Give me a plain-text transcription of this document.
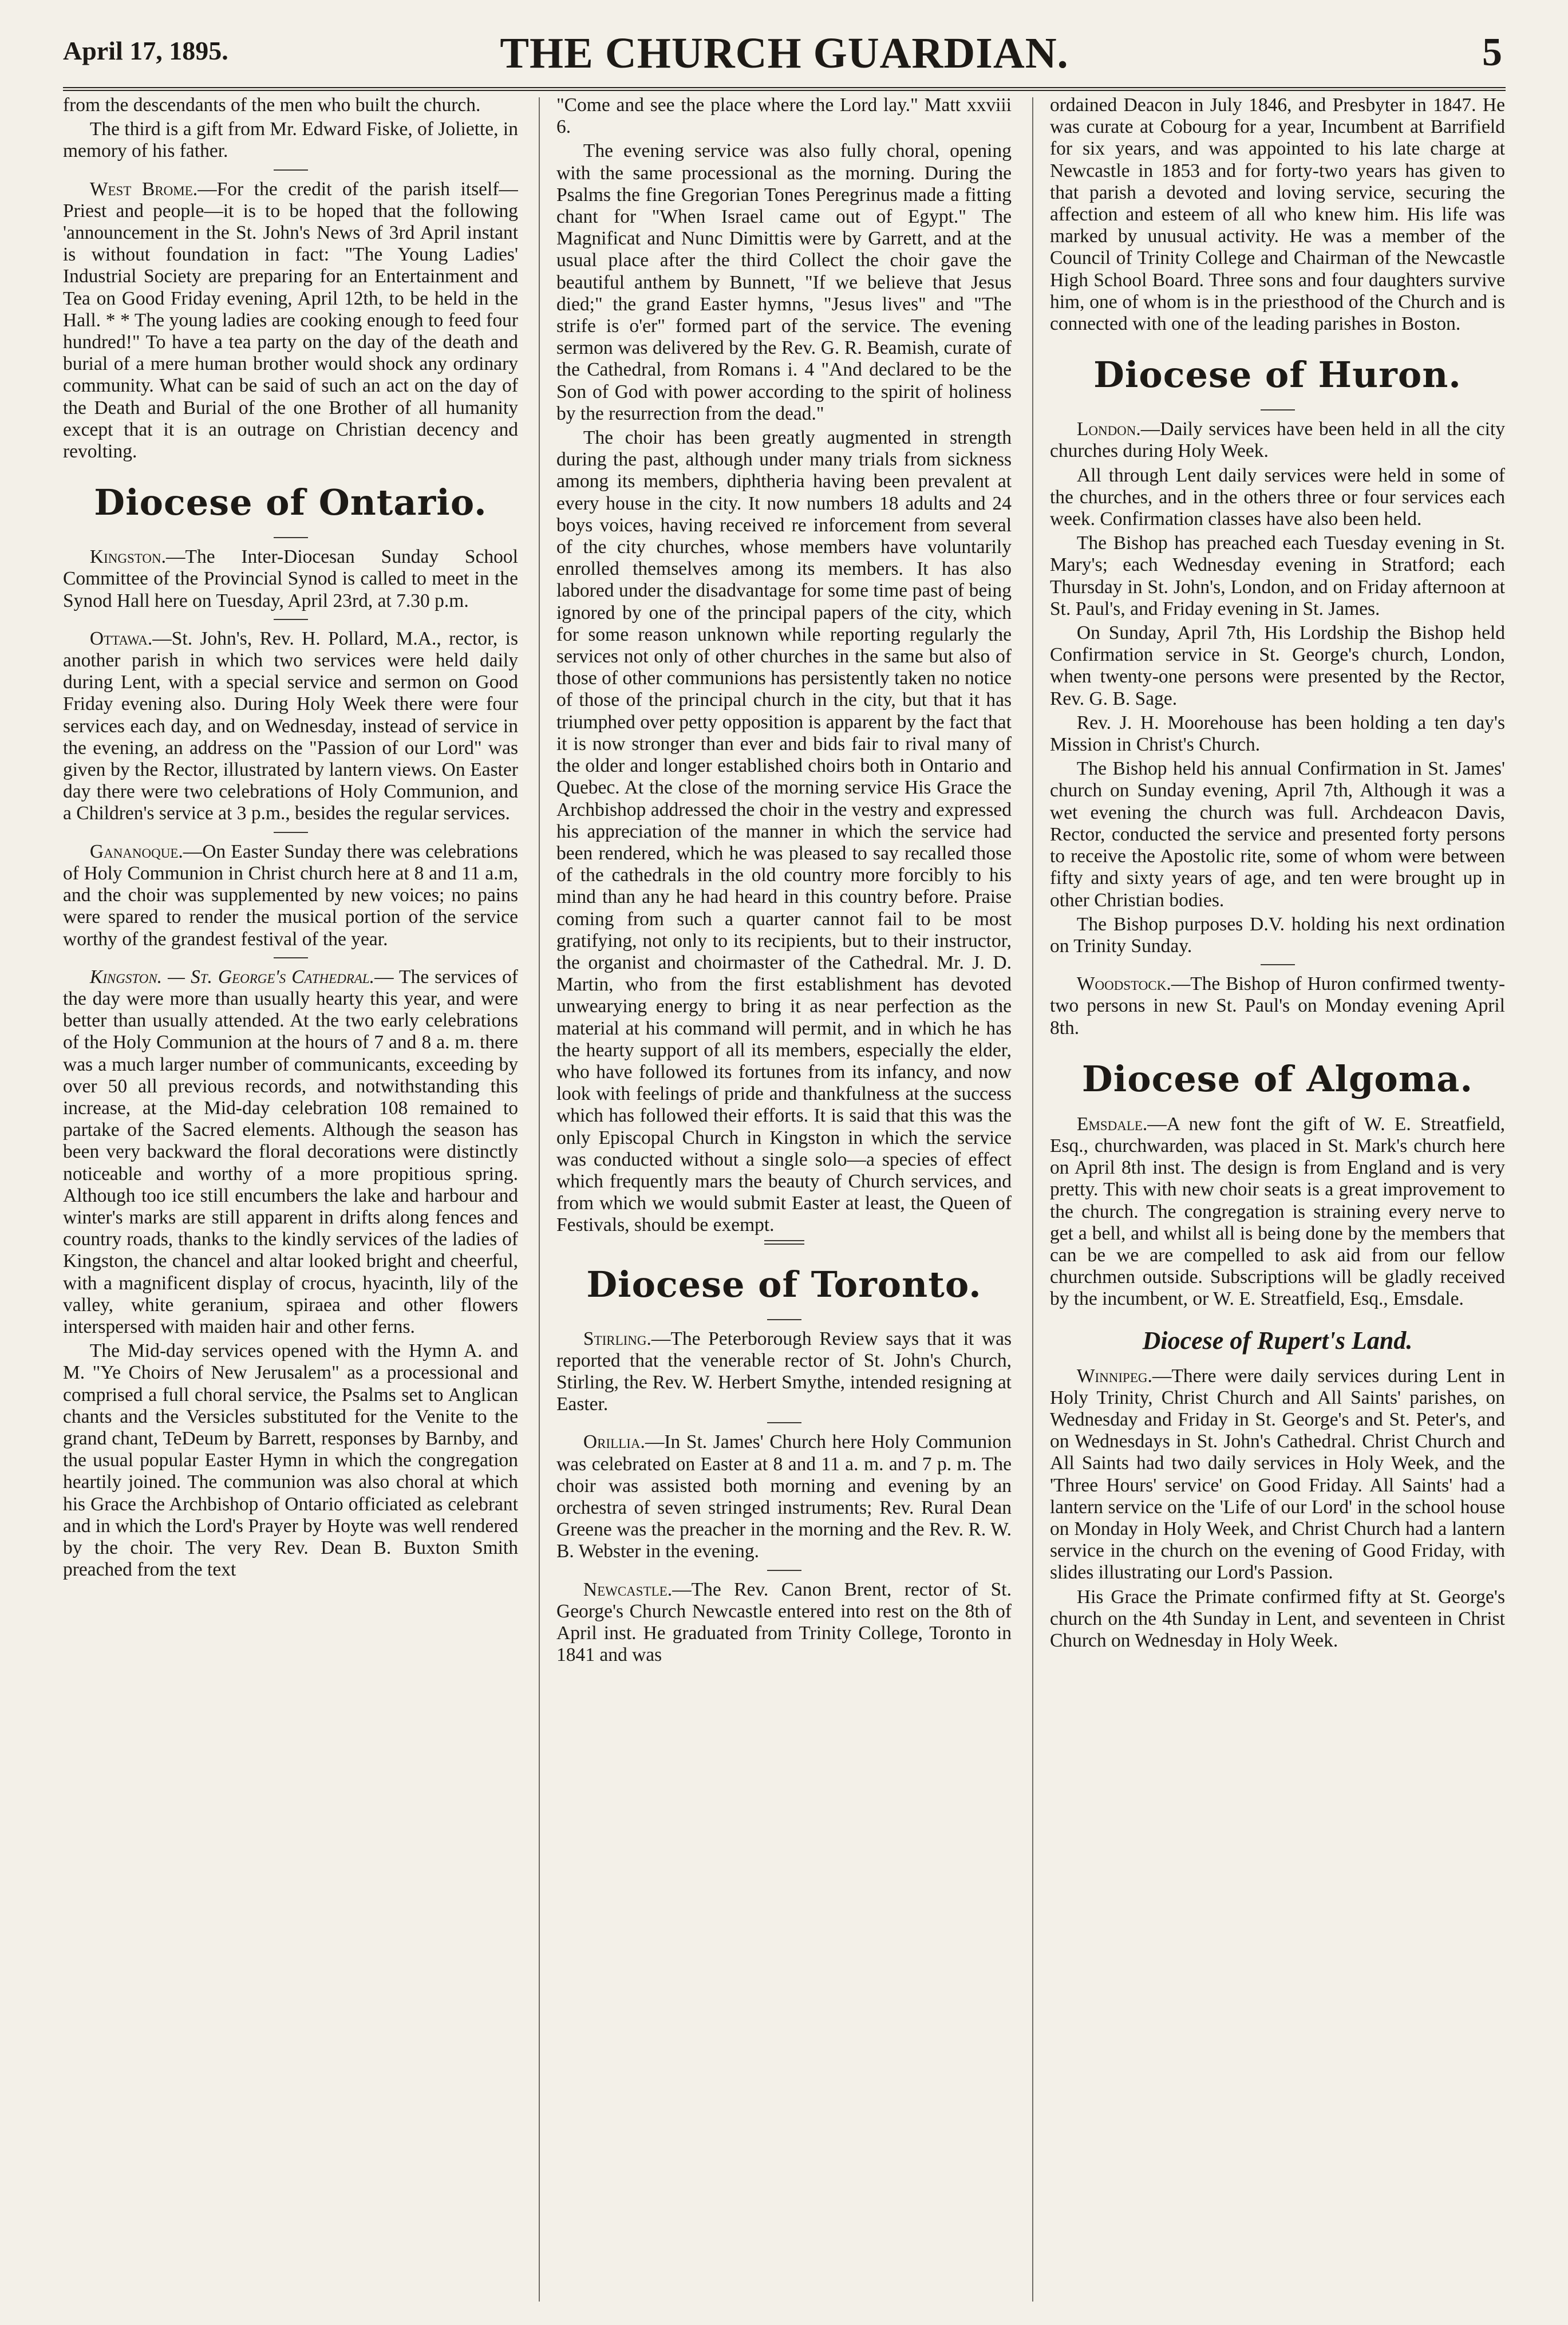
April 17, 1895.	THE CHURCH GUARDIAN.	5

from the descendants of the men who built the church.

The third is a gift from Mr. Edward Fiske, of Joliette, in memory of his father.

West Brome.—For the credit of the parish itself—Priest and people—it is to be hoped that the following 'announcement in the St. John's News of 3rd April instant is without foundation in fact: "The Young Ladies' Industrial Society are preparing for an Entertainment and Tea on Good Friday evening, April 12th, to be held in the Hall. * * The young ladies are cooking enough to feed four hundred!" To have a tea party on the day of the death and burial of a mere human brother would shock any ordinary community. What can be said of such an act on the day of the Death and Burial of the one Brother of all humanity except that it is an outrage on Christian decency and revolting.

Diocese of Ontario.

Kingston.—The Inter-Diocesan Sunday School Committee of the Provincial Synod is called to meet in the Synod Hall here on Tuesday, April 23rd, at 7.30 p.m.

Ottawa.—St. John's, Rev. H. Pollard, M.A., rector, is another parish in which two services were held daily during Lent, with a special service and sermon on Good Friday evening also. During Holy Week there were four services each day, and on Wednesday, instead of service in the evening, an address on the "Passion of our Lord" was given by the Rector, illustrated by lantern views. On Easter day there were two celebrations of Holy Communion, and a Children's service at 3 p.m., besides the regular services.

Gananoque.—On Easter Sunday there was celebrations of Holy Communion in Christ church here at 8 and 11 a.m, and the choir was supplemented by new voices; no pains were spared to render the musical portion of the service worthy of the grandest festival of the year.

Kingston. — St. George's Cathedral.— The services of the day were more than usually hearty this year, and were better than usually attended. At the two early celebrations of the Holy Communion at the hours of 7 and 8 a. m. there was a much larger number of communicants, exceeding by over 50 all previous records, and notwithstanding this increase, at the Mid-day celebration 108 remained to partake of the Sacred elements. Although the season has been very backward the floral decorations were distinctly noticeable and worthy of a more propitious spring. Although too ice still encumbers the lake and harbour and winter's marks are still apparent in drifts along fences and country roads, thanks to the kindly services of the ladies of Kingston, the chancel and altar looked bright and cheerful, with a magnificent display of crocus, hyacinth, lily of the valley, white geranium, spiraea and other flowers interspersed with maiden hair and other ferns.

The Mid-day services opened with the Hymn A. and M. "Ye Choirs of New Jerusalem" as a processional and comprised a full choral service, the Psalms set to Anglican chants and the Versicles substituted for the Venite to the grand chant, TeDeum by Barrett, responses by Barnby, and the usual popular Easter Hymn in which the congregation heartily joined. The communion was also choral at which his Grace the Archbishop of Ontario officiated as celebrant and in which the Lord's Prayer by Hoyte was well rendered by the choir. The very Rev. Dean B. Buxton Smith preached from the text

"Come and see the place where the Lord lay." Matt xxviii 6.

The evening service was also fully choral, opening with the same processional as the morning. During the Psalms the fine Gregorian Tones Peregrinus made a fitting chant for "When Israel came out of Egypt." The Magnificat and Nunc Dimittis were by Garrett, and at the usual place after the third Collect the choir gave the beautiful anthem by Bunnett, "If we believe that Jesus died;" the grand Easter hymns, "Jesus lives" and "The strife is o'er" formed part of the service. The evening sermon was delivered by the Rev. G. R. Beamish, curate of the Cathedral, from Romans i. 4 "And declared to be the Son of God with power according to the spirit of holiness by the resurrection from the dead."

The choir has been greatly augmented in strength during the past, although under many trials from sickness among its members, diphtheria having been prevalent at every house in the city. It now numbers 18 adults and 24 boys voices, having received re inforcement from several of the city churches, whose members have voluntarily enrolled themselves among its members. It has also labored under the disadvantage for some time past of being ignored by one of the principal papers of the city, which for some reason unknown while reporting regularly the services not only of other churches in the same but also of those of other communions has persistently taken no notice of those of the principal church in the city, but that it has triumphed over petty opposition is apparent by the fact that it is now stronger than ever and bids fair to rival many of the older and longer established choirs both in Ontario and Quebec. At the close of the morning service His Grace the Archbishop addressed the choir in the vestry and expressed his appreciation of the manner in which the service had been rendered, which he was pleased to say recalled those of the cathedrals in the old country more forcibly to his mind than any he had heard in this country before. Praise coming from such a quarter cannot fail to be most gratifying, not only to its recipients, but to their instructor, the organist and choirmaster of the Cathedral. Mr. J. D. Martin, who from the first establishment has devoted unwearying energy to bring it as near perfection as the material at his command will permit, and in which he has the hearty support of all its members, especially the elder, who have followed its fortunes from its infancy, and now look with feelings of pride and thankfulness at the success which has followed their efforts. It is said that this was the only Episcopal Church in Kingston in which the service was conducted without a single solo—a species of effect which frequently mars the beauty of Church services, and from which we would submit Easter at least, the Queen of Festivals, should be exempt.

Diocese of Toronto.

Stirling.—The Peterborough Review says that it was reported that the venerable rector of St. John's Church, Stirling, the Rev. W. Herbert Smythe, intended resigning at Easter.

Orillia.—In St. James' Church here Holy Communion was celebrated on Easter at 8 and 11 a. m. and 7 p. m. The choir was assisted both morning and evening by an orchestra of seven stringed instruments; Rev. Rural Dean Greene was the preacher in the morning and the Rev. R. W. B. Webster in the evening.

Newcastle.—The Rev. Canon Brent, rector of St. George's Church Newcastle entered into rest on the 8th of April inst. He graduated from Trinity College, Toronto in 1841 and was

ordained Deacon in July 1846, and Presbyter in 1847. He was curate at Cobourg for a year, Incumbent at Barrifield for six years, and was appointed to his late charge at Newcastle in 1853 and for forty-two years has given to that parish a devoted and loving service, securing the affection and esteem of all who knew him. His life was marked by unusual activity. He was a member of the Council of Trinity College and Chairman of the Newcastle High School Board. Three sons and four daughters survive him, one of whom is in the priesthood of the Church and is connected with one of the leading parishes in Boston.

Diocese of Huron.

London.—Daily services have been held in all the city churches during Holy Week.

All through Lent daily services were held in some of the churches, and in the others three or four services each week. Confirmation classes have also been held.

The Bishop has preached each Tuesday evening in St. Mary's; each Wednesday evening in Stratford; each Thursday in St. John's, London, and on Friday afternoon at St. Paul's, and Friday evening in St. James.

On Sunday, April 7th, His Lordship the Bishop held Confirmation service in St. George's church, London, when twenty-one persons were presented by the Rector, Rev. G. B. Sage.

Rev. J. H. Moorehouse has been holding a ten day's Mission in Christ's Church.

The Bishop held his annual Confirmation in St. James' church on Sunday evening, April 7th, Although it was a wet evening the church was full. Archdeacon Davis, Rector, conducted the service and presented forty persons to receive the Apostolic rite, some of whom were between fifty and sixty years of age, and ten were brought up in other Christian bodies.

The Bishop purposes D.V. holding his next ordination on Trinity Sunday.

Woodstock.—The Bishop of Huron confirmed twenty-two persons in new St. Paul's on Monday evening April 8th.

Diocese of Algoma.

Emsdale.—A new font the gift of W. E. Streatfield, Esq., churchwarden, was placed in St. Mark's church here on April 8th inst. The design is from England and is very pretty. This with new choir seats is a great improvement to the church. The congregation is straining every nerve to get a bell, and whilst all is being done by the members that can be we are compelled to ask aid from our fellow churchmen outside. Subscriptions will be gladly received by the incumbent, or W. E. Streatfield, Esq., Emsdale.

Diocese of Rupert's Land.

Winnipeg.—There were daily services during Lent in Holy Trinity, Christ Church and All Saints' parishes, on Wednesday and Friday in St. George's and St. Peter's, and on Wednesdays in St. John's Cathedral. Christ Church and All Saints had two daily services in Holy Week, and the 'Three Hours' service' on Good Friday. All Saints' had a lantern service on the 'Life of our Lord' in the school house on Monday in Holy Week, and Christ Church had a lantern service in the church on the evening of Good Friday, with slides illustrating our Lord's Passion.

His Grace the Primate confirmed fifty at St. George's church on the 4th Sunday in Lent, and seventeen in Christ Church on Wednesday in Holy Week.
